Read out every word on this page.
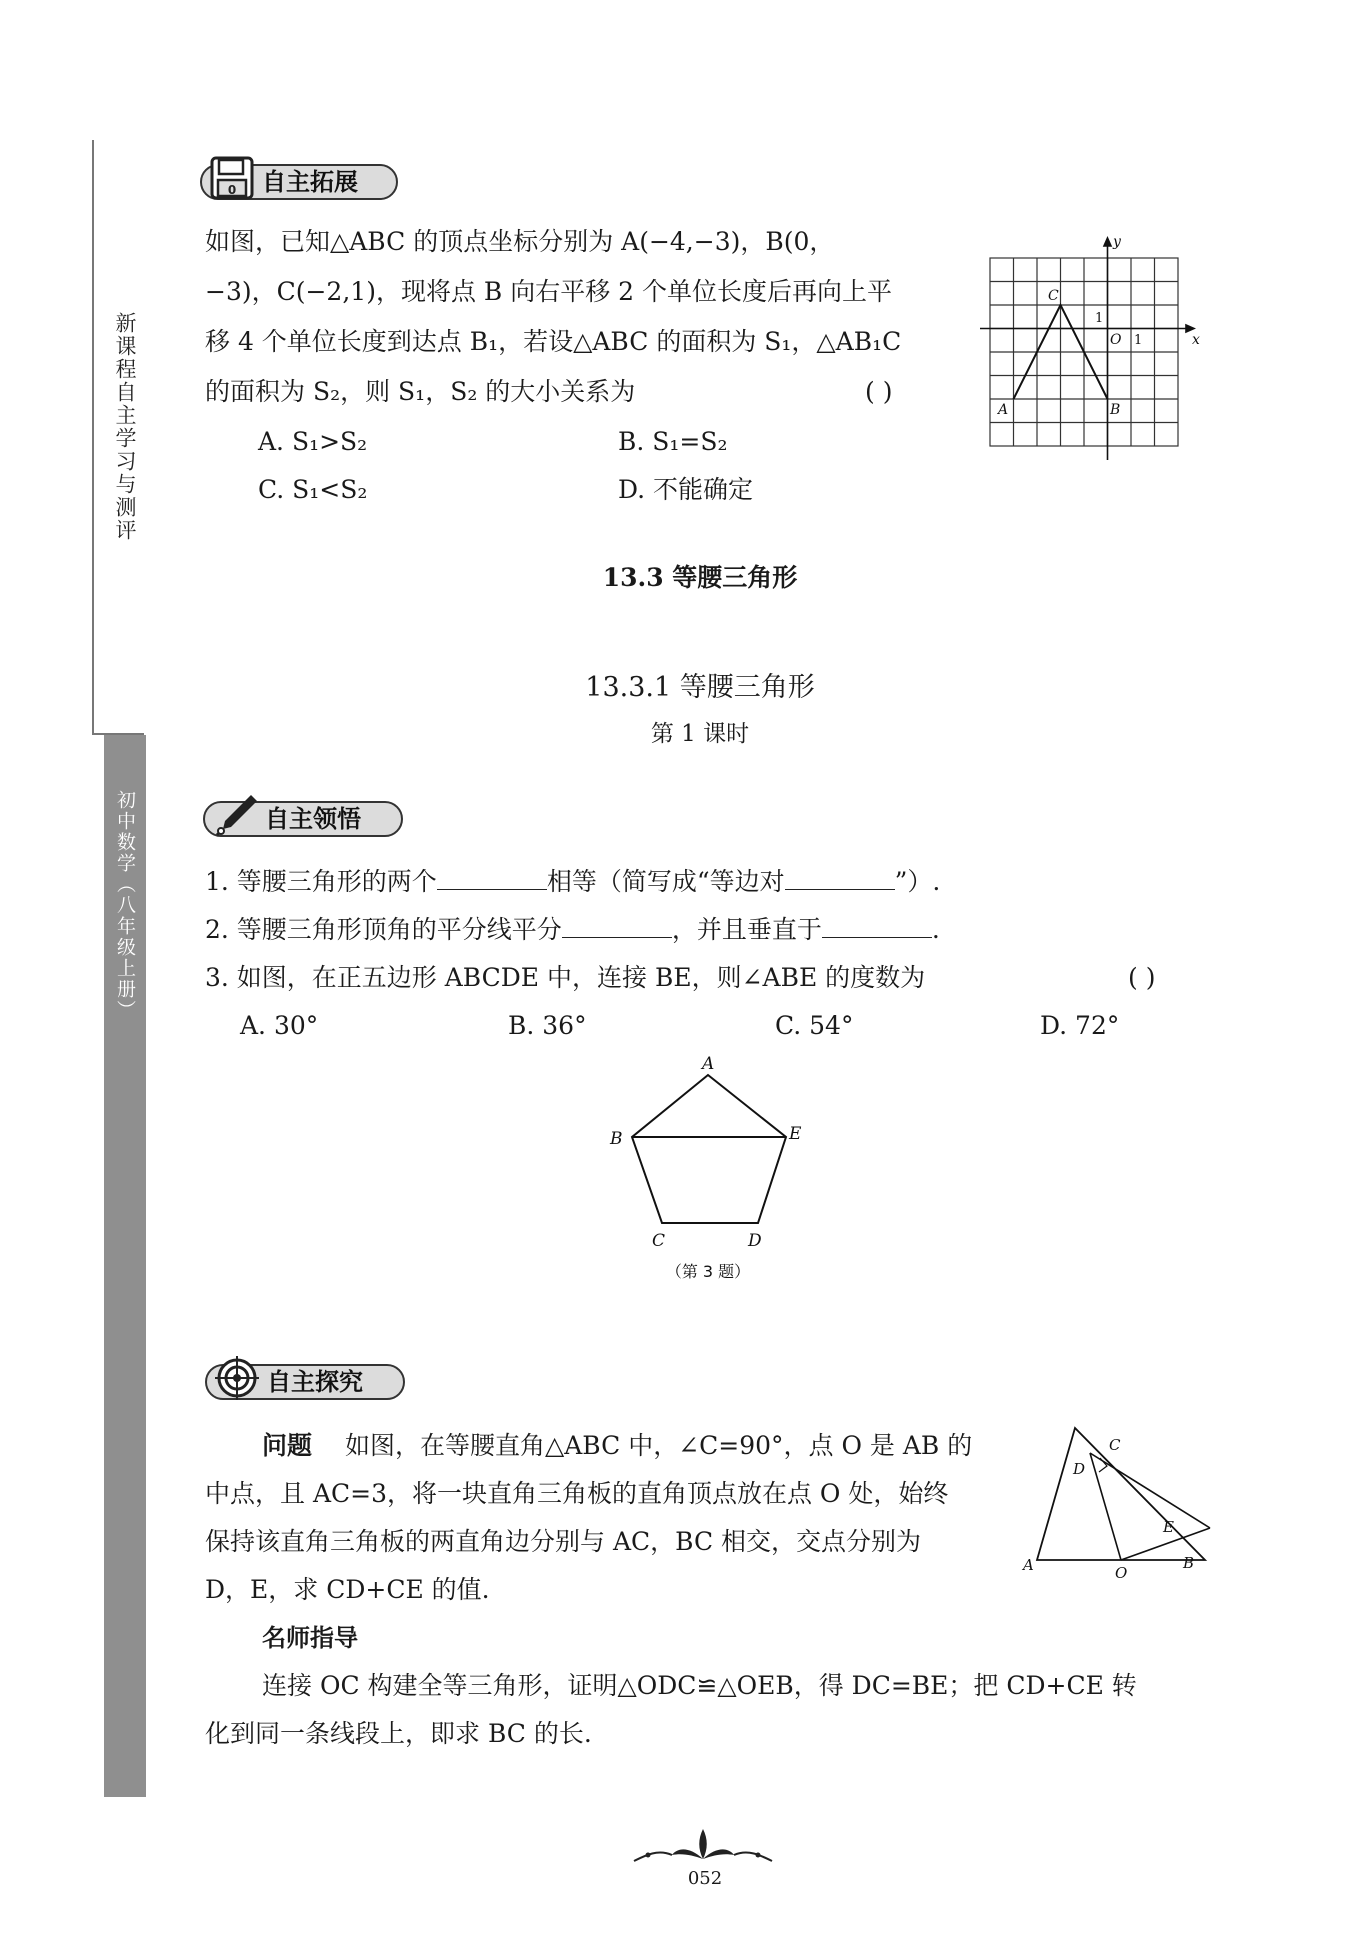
新课程自主学习与测评
初中数学（八年级上册）
0 自主拓展
如图，已知△ABC 的顶点坐标分别为 A(−4,−3)，B(0，
−3)，C(−2,1)，现将点 B 向右平移 2 个单位长度后再向上平
移 4 个单位长度到达点 B₁，若设△ABC 的面积为 S₁，△AB₁C
的面积为 S₂，则 S₁，S₂ 的大小关系为	( )
A. S₁>S₂	B. S₁=S₂
C. S₁<S₂	D. 不能确定
y
x
O
C
A	B
1
1
13.3 等腰三角形
13.3.1 等腰三角形
第 1 课时
自主领悟
1. 等腰三角形的两个	相等（简写成“等边对	”）.
2. 等腰三角形顶角的平分线平分	，并且垂直于	.
3. 如图，在正五边形 ABCDE 中，连接 BE，则∠ABE 的度数为	( )
A. 30°	B. 36°	C. 54°	D. 72°
A
B
C	D
E
（第 3 题）
自主探究
问题 如图，在等腰直角△ABC 中，∠C=90°，点 O 是 AB 的
中点，且 AC=3，将一块直角三角板的直角顶点放在点 O 处，始终
保持该直角三角板的两直角边分别与 AC，BC 相交，交点分别为
D，E，求 CD+CE 的值.
名师指导
连接 OC 构建全等三角形，证明△ODC≌△OEB，得 DC=BE；把 CD+CE 转
化到同一条线段上，即求 BC 的长.
A	B
C
D
E
O
052
